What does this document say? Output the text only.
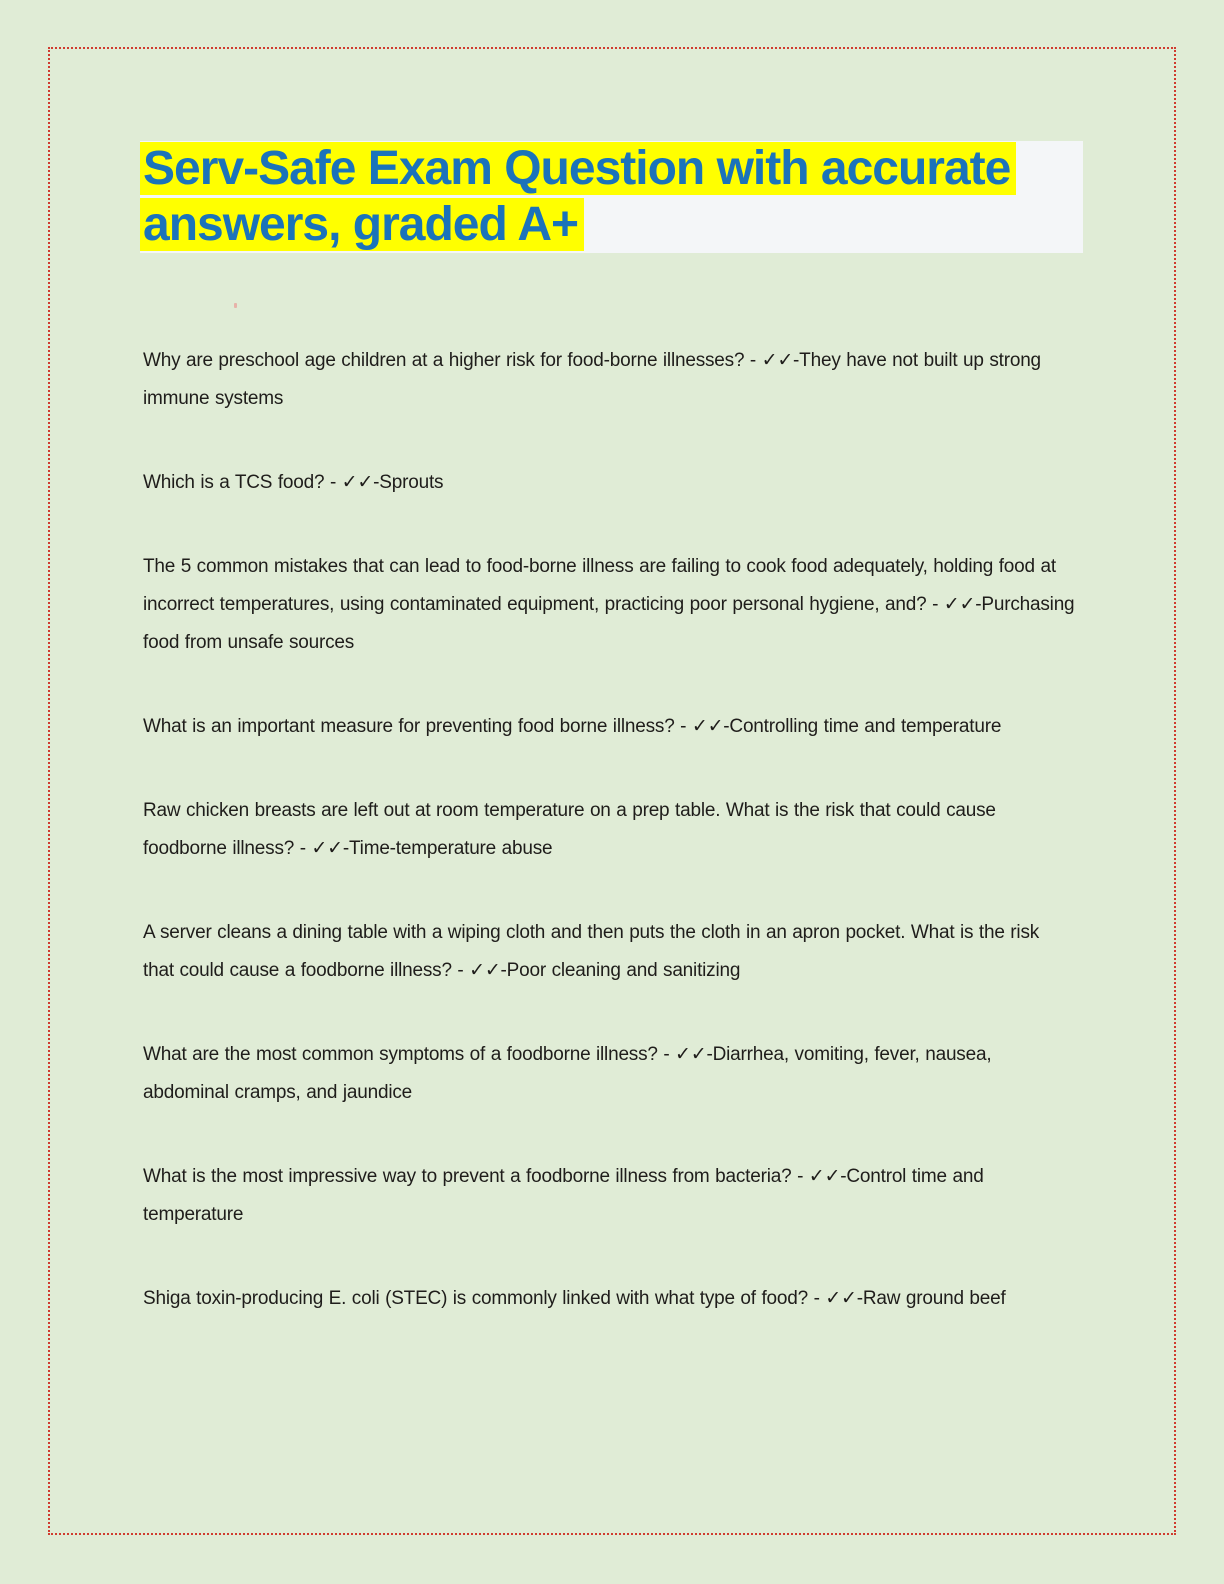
Serv-Safe Exam Question with accurate
answers, graded A+

Why are preschool age children at a higher risk for food-borne illnesses? - ✓✓-They have not built up strong immune systems

Which is a TCS food? - ✓✓-Sprouts

The 5 common mistakes that can lead to food-borne illness are failing to cook food adequately, holding food at incorrect temperatures, using contaminated equipment, practicing poor personal hygiene, and? - ✓✓-Purchasing food from unsafe sources

What is an important measure for preventing food borne illness? - ✓✓-Controlling time and temperature

Raw chicken breasts are left out at room temperature on a prep table. What is the risk that could cause foodborne illness? - ✓✓-Time-temperature abuse

A server cleans a dining table with a wiping cloth and then puts the cloth in an apron pocket. What is the risk that could cause a foodborne illness? - ✓✓-Poor cleaning and sanitizing

What are the most common symptoms of a foodborne illness? - ✓✓-Diarrhea, vomiting, fever, nausea, abdominal cramps, and jaundice

What is the most impressive way to prevent a foodborne illness from bacteria? - ✓✓-Control time and temperature

Shiga toxin-producing E. coli (STEC) is commonly linked with what type of food? - ✓✓-Raw ground beef
